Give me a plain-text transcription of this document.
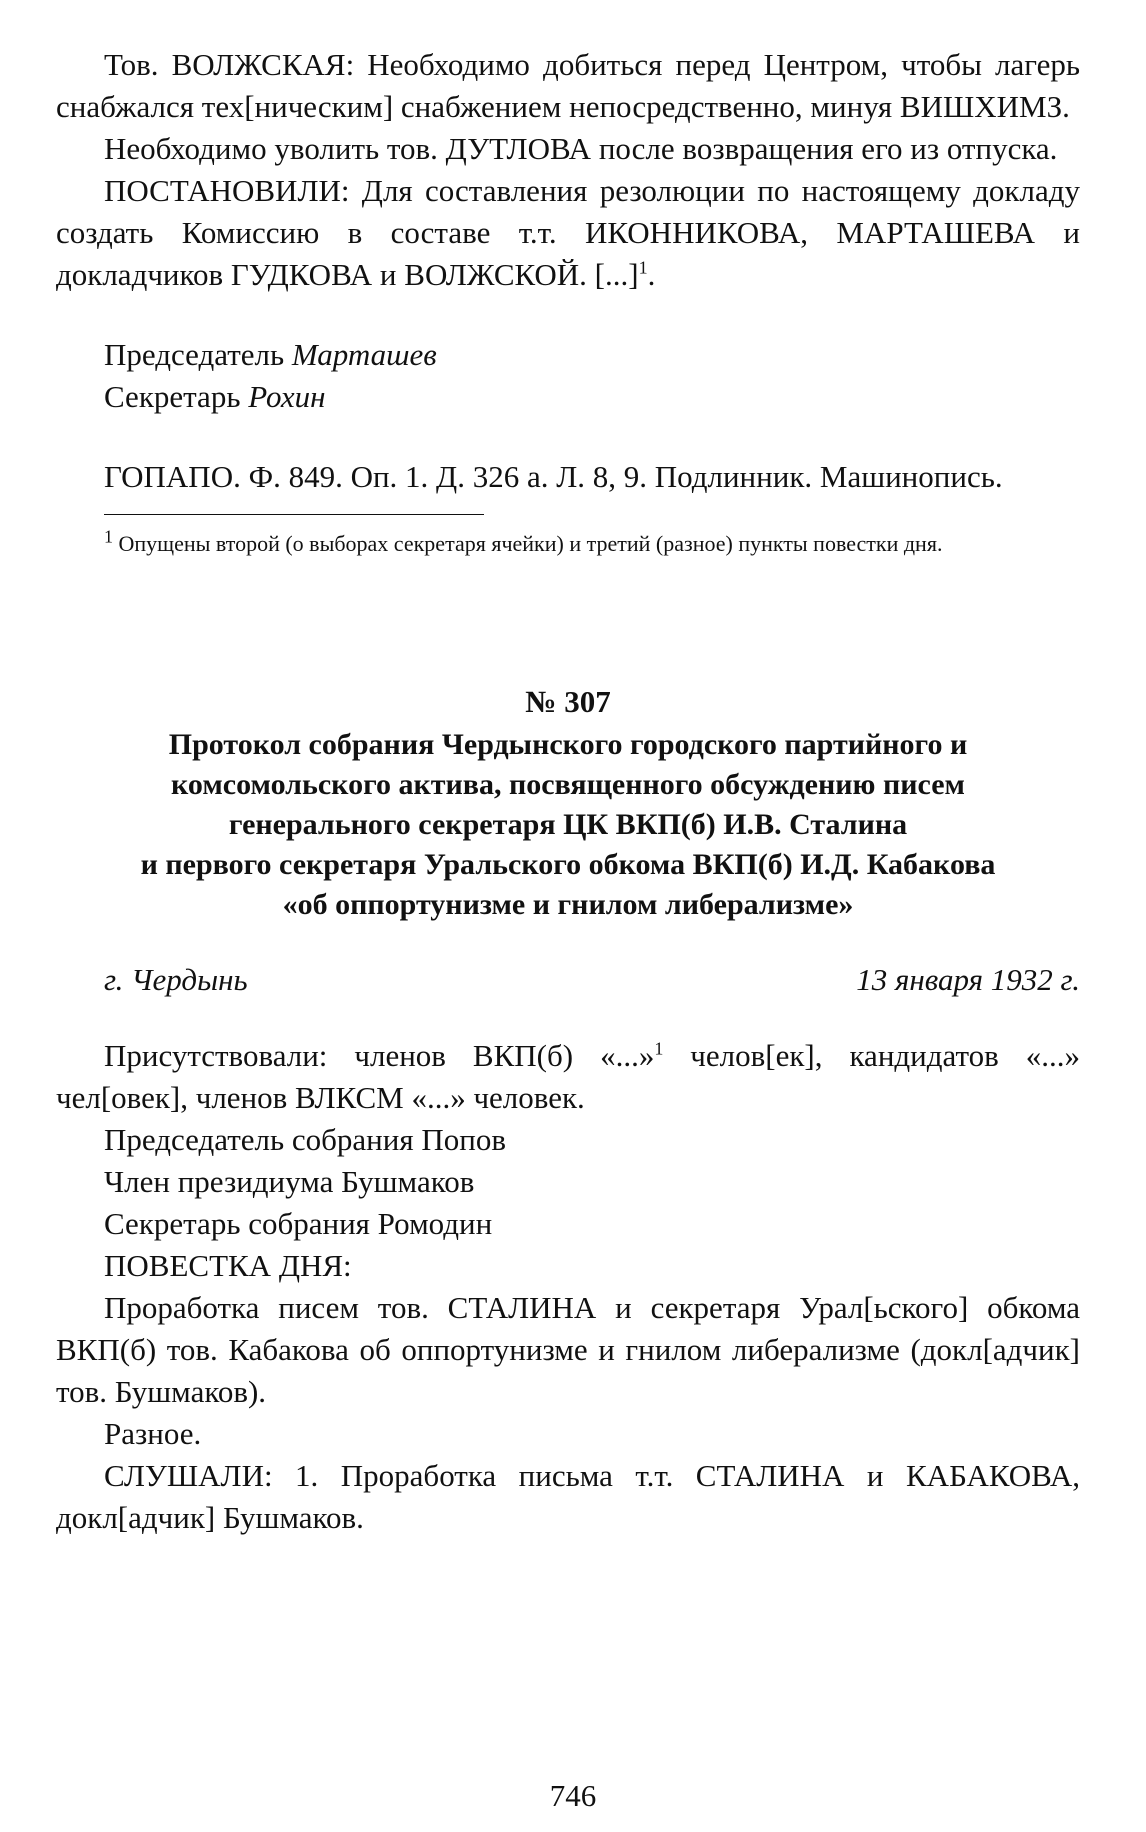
Тов. ВОЛЖСКАЯ: Необходимо добиться перед Центром, чтобы лагерь снабжался тех[ническим] снабжением непосредственно, минуя ВИШХИМЗ.

Необходимо уволить тов. ДУТЛОВА после возвращения его из отпуска.

ПОСТАНОВИЛИ: Для составления резолюции по настоящему докладу создать Комиссию в составе т.т. ИКОННИКОВА, МАРТАШЕВА и докладчиков ГУДКОВА и ВОЛЖСКОЙ. [...]$^1$.

Председатель Марташев

Секретарь Рохин

ГОПАПО. Ф. 849. Оп. 1. Д. 326 а. Л. 8, 9. Подлинник. Машинопись.

$^1$ Опущены второй (о выборах секретаря ячейки) и третий (разное) пункты повестки дня.

№ 307
Протокол собрания Чердынского городского партийного и комсомольского актива, посвященного обсуждению писем
генерального секретаря ЦК ВКП(б) И.В. Сталина
и первого секретаря Уральского обкома ВКП(б) И.Д. Кабакова
«об оппортунизме и гнилом либерализме»
г. Чердынь	13 января 1932 г.

Присутствовали: членов ВКП(б) «...»$^1$ челов[ек], кандидатов «...» чел[овек], членов ВЛКСМ «...» человек.

Председатель собрания Попов

Член президиума Бушмаков

Секретарь собрания Ромодин

ПОВЕСТКА ДНЯ:

Проработка писем тов. СТАЛИНА и секретаря Урал[ьского] обкома ВКП(б) тов. Кабакова об оппортунизме и гнилом либерализме (докл[адчик] тов. Бушмаков).

Разное.

СЛУШАЛИ: 1. Проработка письма т.т. СТАЛИНА и КАБАКОВА, докл[адчик] Бушмаков.

746
